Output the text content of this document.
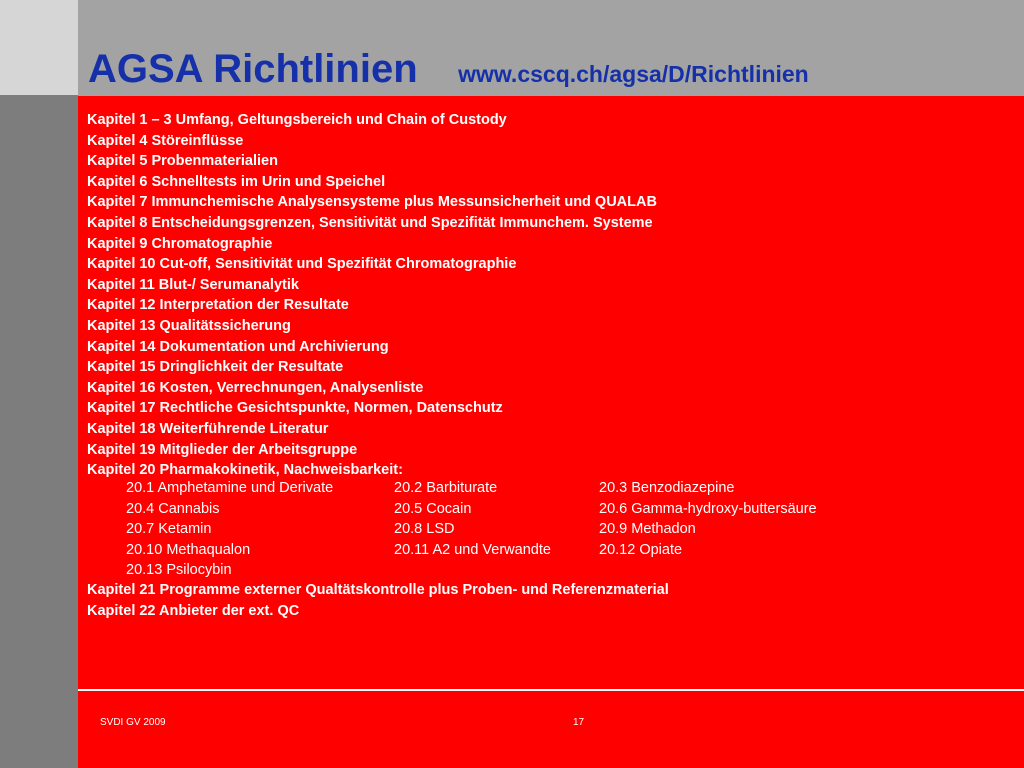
AGSA Richtlinien www.cscq.ch/agsa/D/Richtlinien
Kapitel 1 – 3 Umfang, Geltungsbereich und Chain of Custody
Kapitel 4 Störeinflüsse
Kapitel 5 Probenmaterialien
Kapitel 6 Schnelltests im Urin und Speichel
Kapitel 7 Immunchemische Analysensysteme plus Messunsicherheit und QUALAB
Kapitel 8 Entscheidungsgrenzen, Sensitivität und Spezifität Immunchem. Systeme
Kapitel 9 Chromatographie
Kapitel 10 Cut-off, Sensitivität und Spezifität Chromatographie
Kapitel 11 Blut-/ Serumanalytik
Kapitel 12 Interpretation der Resultate
Kapitel 13 Qualitätssicherung
Kapitel 14 Dokumentation und Archivierung
Kapitel 15 Dringlichkeit der Resultate
Kapitel 16 Kosten, Verrechnungen, Analysenliste
Kapitel 17 Rechtliche Gesichtspunkte, Normen, Datenschutz
Kapitel 18 Weiterführende Literatur
Kapitel 19 Mitglieder der Arbeitsgruppe
Kapitel 20 Pharmakokinetik, Nachweisbarkeit:
20.1 Amphetamine und Derivate	20.2 Barbiturate	20.3 Benzodiazepine
20.4 Cannabis	20.5 Cocain	20.6 Gamma-hydroxy-buttersäure
20.7 Ketamin	20.8 LSD	20.9 Methadon
20.10 Methaqualon	20.11 A2 und Verwandte	20.12 Opiate
20.13 Psilocybin
Kapitel 21 Programme externer Qualtätskontrolle plus Proben- und Referenzmaterial
Kapitel 22 Anbieter der ext. QC
SVDI GV 2009	17
